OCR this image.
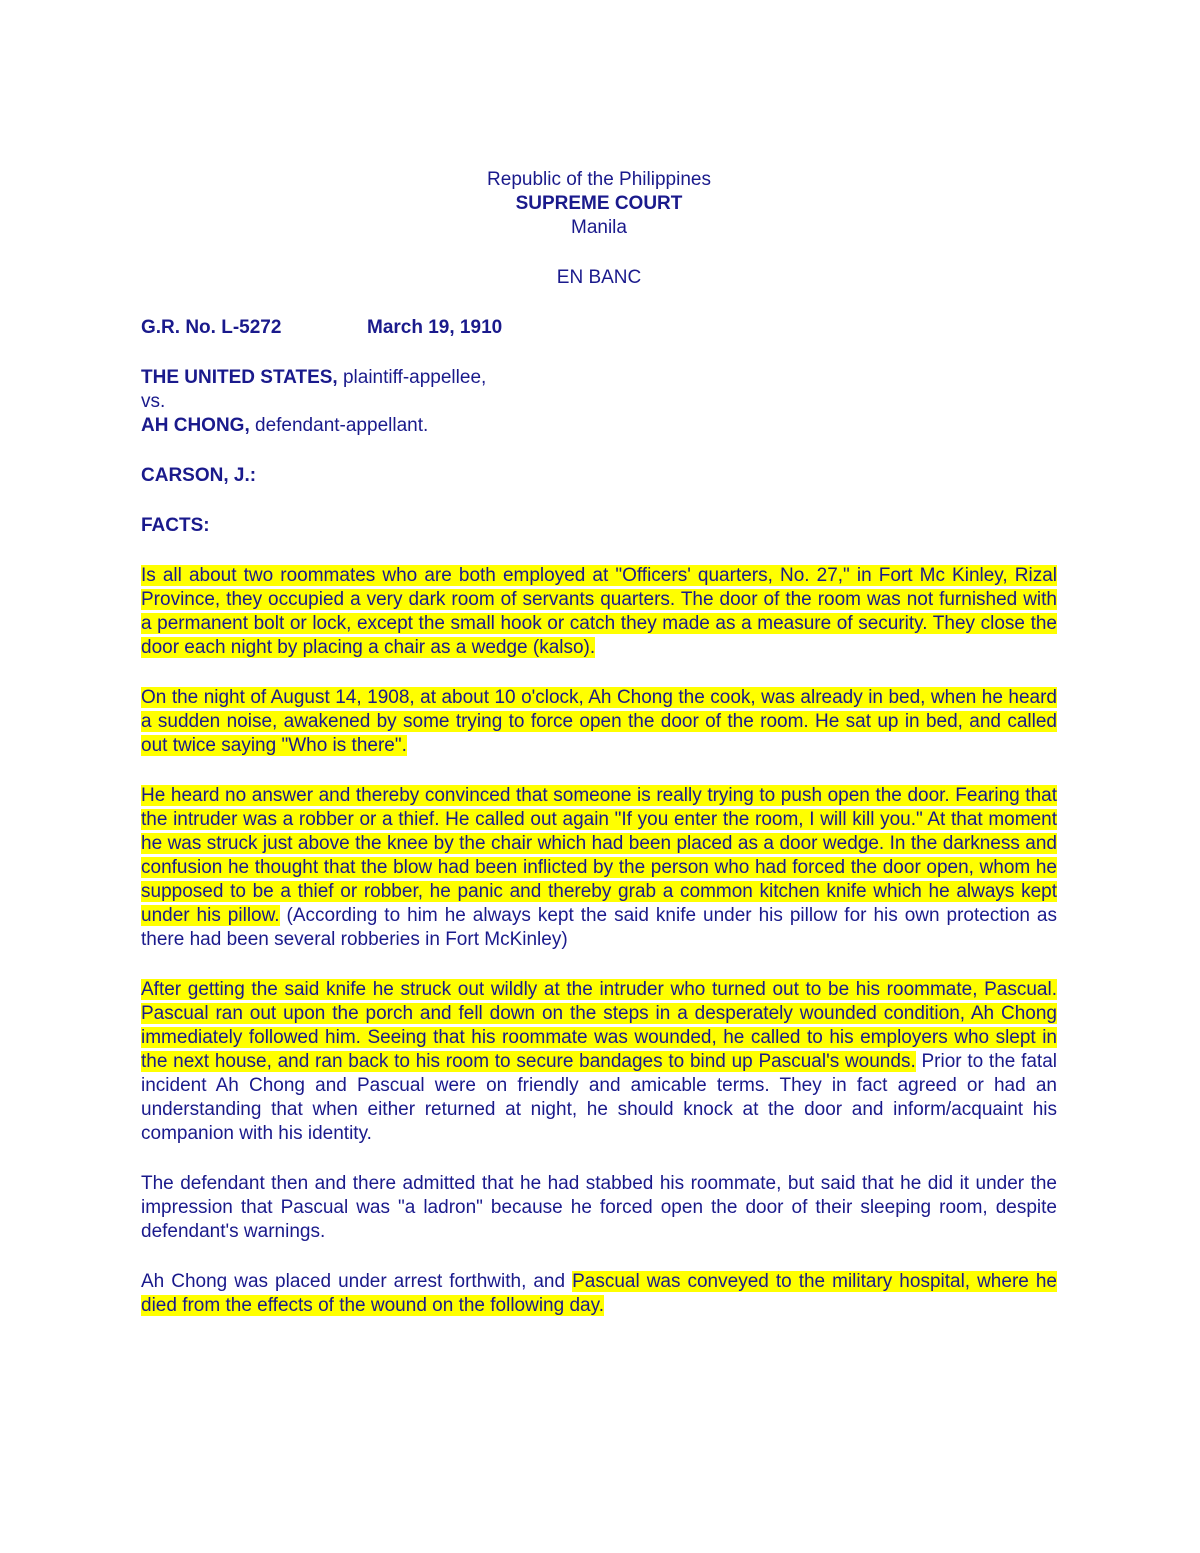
Republic of the Philippines
SUPREME COURT
Manila
EN BANC
G.R. No. L-5272	March 19, 1910
THE UNITED STATES, plaintiff-appellee,
vs.
AH CHONG, defendant-appellant.
CARSON, J.:
FACTS:

Is all about two roommates who are both employed at "Officers' quarters, No. 27," in Fort Mc Kinley, Rizal Province, they occupied a very dark room of servants quarters. The door of the room was not furnished with a permanent bolt or lock, except the small hook or catch they made as a measure of security. They close the door each night by placing a chair as a wedge (kalso).

On the night of August 14, 1908, at about 10 o'clock, Ah Chong the cook, was already in bed, when he heard a sudden noise, awakened by some trying to force open the door of the room. He sat up in bed, and called out twice saying "Who is there".

He heard no answer and thereby convinced that someone is really trying to push open the door. Fearing that the intruder was a robber or a thief. He called out again "If you enter the room, I will kill you." At that moment he was struck just above the knee by the chair which had been placed as a door wedge. In the darkness and confusion he thought that the blow had been inflicted by the person who had forced the door open, whom he supposed to be a thief or robber, he panic and thereby grab a common kitchen knife which he always kept under his pillow. (According to him he always kept the said knife under his pillow for his own protection as there had been several robberies in Fort McKinley)

After getting the said knife he struck out wildly at the intruder who turned out to be his roommate, Pascual. Pascual ran out upon the porch and fell down on the steps in a desperately wounded condition, Ah Chong immediately followed him. Seeing that his roommate was wounded, he called to his employers who slept in the next house, and ran back to his room to secure bandages to bind up Pascual's wounds. Prior to the fatal incident Ah Chong and Pascual were on friendly and amicable terms. They in fact agreed or had an understanding that when either returned at night, he should knock at the door and inform/acquaint his companion with his identity.

The defendant then and there admitted that he had stabbed his roommate, but said that he did it under the impression that Pascual was "a ladron" because he forced open the door of their sleeping room, despite defendant's warnings.

Ah Chong was placed under arrest forthwith, and Pascual was conveyed to the military hospital, where he died from the effects of the wound on the following day.
